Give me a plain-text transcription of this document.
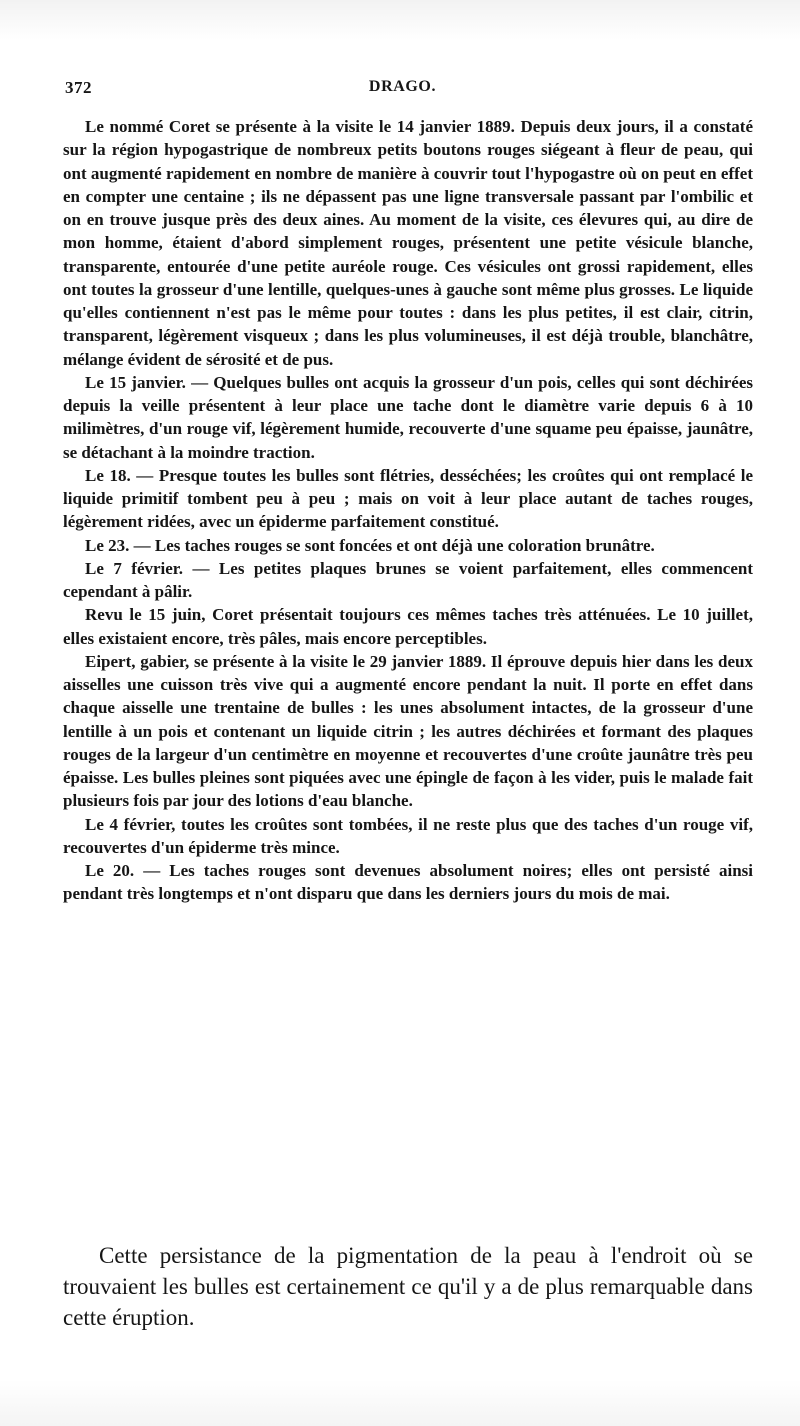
372	DRAGO.

Le nommé Coret se présente à la visite le 14 janvier 1889. Depuis deux jours, il a constaté sur la région hypogastrique de nombreux petits boutons rouges siégeant à fleur de peau, qui ont augmenté rapidement en nombre de manière à couvrir tout l'hypogastre où on peut en effet en compter une centaine ; ils ne dépassent pas une ligne transversale passant par l'ombilic et on en trouve jusque près des deux aines. Au moment de la visite, ces élevures qui, au dire de mon homme, étaient d'abord simplement rouges, présentent une petite vésicule blanche, transparente, entourée d'une petite auréole rouge. Ces vésicules ont grossi rapidement, elles ont toutes la grosseur d'une lentille, quelques-unes à gauche sont même plus grosses. Le liquide qu'elles contiennent n'est pas le même pour toutes : dans les plus petites, il est clair, citrin, transparent, légèrement visqueux ; dans les plus volumineuses, il est déjà trouble, blanchâtre, mélange évident de sérosité et de pus.

Le 15 janvier. — Quelques bulles ont acquis la grosseur d'un pois, celles qui sont déchirées depuis la veille présentent à leur place une tache dont le diamètre varie depuis 6 à 10 milimètres, d'un rouge vif, légèrement humide, recouverte d'une squame peu épaisse, jaunâtre, se détachant à la moindre traction.

Le 18. — Presque toutes les bulles sont flétries, desséchées; les croûtes qui ont remplacé le liquide primitif tombent peu à peu ; mais on voit à leur place autant de taches rouges, légèrement ridées, avec un épiderme parfaitement constitué.

Le 23. — Les taches rouges se sont foncées et ont déjà une coloration brunâtre.

Le 7 février. — Les petites plaques brunes se voient parfaitement, elles commencent cependant à pâlir.

Revu le 15 juin, Coret présentait toujours ces mêmes taches très atténuées. Le 10 juillet, elles existaient encore, très pâles, mais encore perceptibles.

Eipert, gabier, se présente à la visite le 29 janvier 1889. Il éprouve depuis hier dans les deux aisselles une cuisson très vive qui a augmenté encore pendant la nuit. Il porte en effet dans chaque aisselle une trentaine de bulles : les unes absolument intactes, de la grosseur d'une lentille à un pois et contenant un liquide citrin ; les autres déchirées et formant des plaques rouges de la largeur d'un centimètre en moyenne et recouvertes d'une croûte jaunâtre très peu épaisse. Les bulles pleines sont piquées avec une épingle de façon à les vider, puis le malade fait plusieurs fois par jour des lotions d'eau blanche.

Le 4 février, toutes les croûtes sont tombées, il ne reste plus que des taches d'un rouge vif, recouvertes d'un épiderme très mince.

Le 20. — Les taches rouges sont devenues absolument noires; elles ont persisté ainsi pendant très longtemps et n'ont disparu que dans les derniers jours du mois de mai.

Cette persistance de la pigmentation de la peau à l'endroit où se trouvaient les bulles est certainement ce qu'il y a de plus remarquable dans cette éruption.
